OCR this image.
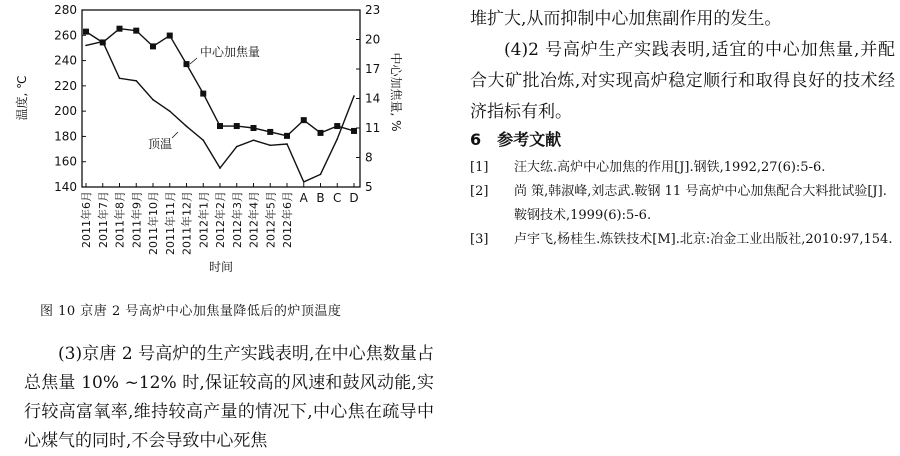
140
160
180
200
220
240
260
280
5
8
11
14
17
20
23
2011年6月 2011年7月 2011年8月 2011年9月 2011年10月 2011年11月 2011年12月 2012年1月 2012年2月 2012年3月 2012年4月 2012年5月 2012年6月 A B C D
温度, ℃	中心加焦量, %
时间
中心加焦量
顶温
图 10 京唐 2 号高炉中心加焦量降低后的炉顶温度

(3)京唐 2 号高炉的生产实践表明,在中心焦数量占总焦量 10% ~12% 时,保证较高的风速和鼓风动能,实行较高富氧率,维持较高产量的情况下,中心焦在疏导中心煤气的同时,不会导致中心死焦

堆扩大,从而抑制中心加焦副作用的发生。

(4)2 号高炉生产实践表明,适宜的中心加焦量,并配合大矿批冶炼,对实现高炉稳定顺行和取得良好的技术经济指标有利。

6 参考文献
[1]	汪大纮.高炉中心加焦的作用[J].钢铁,1992,27(6):5-6.
[2]	尚 策,韩淑峰,刘志武.鞍钢 11 号高炉中心加焦配合大料批试验[J].鞍钢技术,1999(6):5-6.
[3]	卢宇飞,杨桂生.炼铁技术[M].北京:冶金工业出版社,2010:97,154.
